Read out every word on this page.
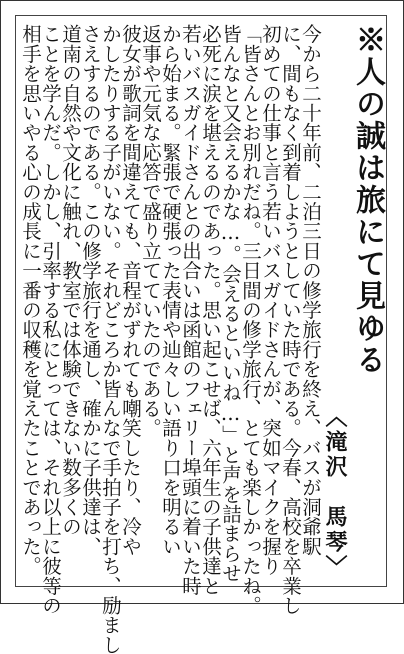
※人の誠は旅にて見ゆる
〈滝沢　馬琴〉
今から二十年前、二泊三日の修学旅行を終え、バスが洞爺駅
に、間もなく到着しようとしていた時である。今春、高校を卒業し
初めての仕事と言う若いバスガイドさんが、突如マイクを握り
「皆さんとお別れだね。三日間の修学旅行、とても楽しかったね。
皆んなと又会えるかな…。会えるといいね…」と声を詰まらせ
必死に涙を堪えるのであった。思い起こせば、六年生の子供達と
若いバスガイドさんとの出合いは函館のフェリー埠頭に着いた時
から始まる。緊張で硬張った表情や辿々しい語り口を明るい
返事や元気な応答で盛り立てていたのである。
彼女が歌詞を間違えても、音程がずれても嘲笑したり、冷や
かしたりする子がいない。それどころか皆んなで手拍子を打ち、励まし
さえするのである。この修学旅行を通し、確かに子供達は、
道南の自然や文化に触れ、教室では体験できない数多くの
ことを学んだ。しかし、引率する私にとっては、それ以上に彼等の
相手を思いやる心の成長に一番の収穫を覚えたことであった。
